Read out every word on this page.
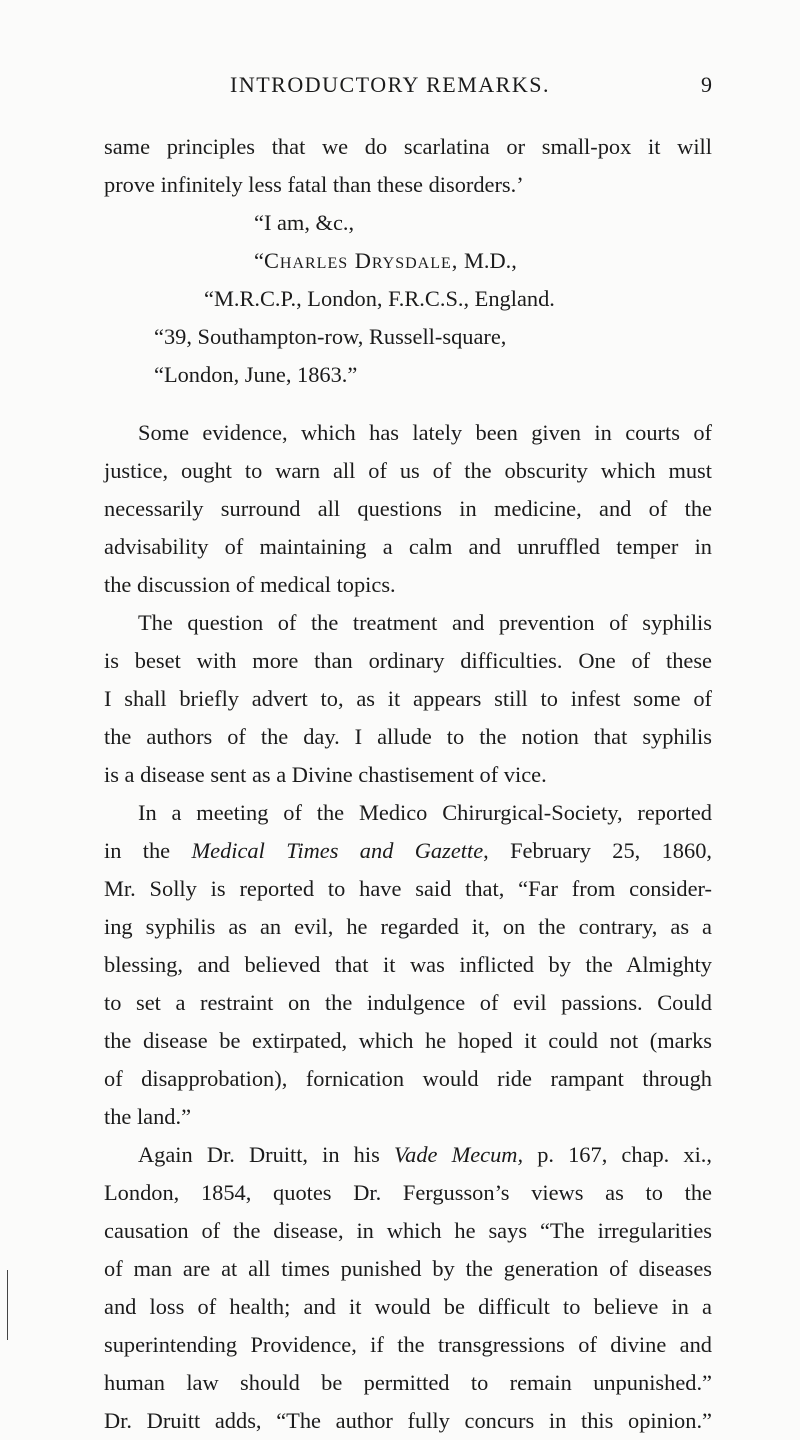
INTRODUCTORY REMARKS.	9
same principles that we do scarlatina or small-pox it will
prove infinitely less fatal than these disorders.’
“I am, &c.,
“Charles Drysdale, M.D.,
“M.R.C.P., London, F.R.C.S., England.
“39, Southampton-row, Russell-square,
“London, June, 1863.”
Some evidence, which has lately been given in courts of
justice, ought to warn all of us of the obscurity which must
necessarily surround all questions in medicine, and of the
advisability of maintaining a calm and unruffled temper in
the discussion of medical topics.
The question of the treatment and prevention of syphilis
is beset with more than ordinary difficulties. One of these
I shall briefly advert to, as it appears still to infest some of
the authors of the day. I allude to the notion that syphilis
is a disease sent as a Divine chastisement of vice.
In a meeting of the Medico Chirurgical-Society, reported
in the Medical Times and Gazette, February 25, 1860,
Mr. Solly is reported to have said that, “Far from consider-
ing syphilis as an evil, he regarded it, on the contrary, as a
blessing, and believed that it was inflicted by the Almighty
to set a restraint on the indulgence of evil passions. Could
the disease be extirpated, which he hoped it could not (marks
of disapprobation), fornication would ride rampant through
the land.”
Again Dr. Druitt, in his Vade Mecum, p. 167, chap. xi.,
London, 1854, quotes Dr. Fergusson’s views as to the
causation of the disease, in which he says “The irregularities
of man are at all times punished by the generation of diseases
and loss of health; and it would be difficult to believe in a
superintending Providence, if the transgressions of divine and
human law should be permitted to remain unpunished.”
Dr. Druitt adds, “The author fully concurs in this opinion.”
